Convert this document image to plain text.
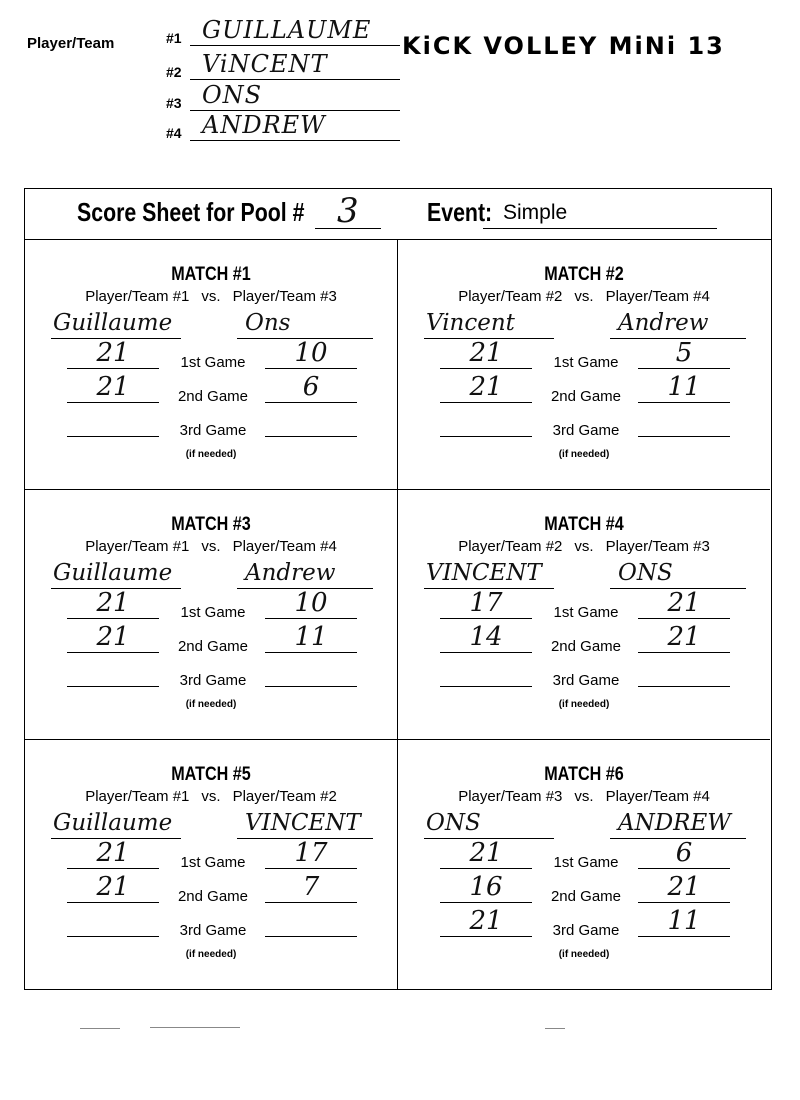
Player/Team	#1 GUILLAUME
#2 ViNCENT
#3 ONS
#4 ANDREW
KiCK VOLLEY MiNi 13
Score Sheet for Pool # 3	Event: Simple
MATCH #1
Player/Team #1 vs. Player/Team #3
Guillaume	Ons
21	1st Game	10
21	2nd Game	6
3rd Game
(if needed)
MATCH #2
Player/Team #2 vs. Player/Team #4
Vincent	Andrew
21	1st Game	5
21	2nd Game	11
3rd Game
(if needed)
MATCH #3
Player/Team #1 vs. Player/Team #4
Guillaume	Andrew
21	1st Game	10
21	2nd Game	11
3rd Game
(if needed)
MATCH #4
Player/Team #2 vs. Player/Team #3
VINCENT	ONS
17	1st Game	21
14	2nd Game	21
3rd Game
(if needed)
MATCH #5
Player/Team #1 vs. Player/Team #2
Guillaume	VINCENT
21	1st Game	17
21	2nd Game	7
3rd Game
(if needed)
MATCH #6
Player/Team #3 vs. Player/Team #4
ONS	ANDREW
21	1st Game	6
16	2nd Game	21
21	3rd Game	11
(if needed)
